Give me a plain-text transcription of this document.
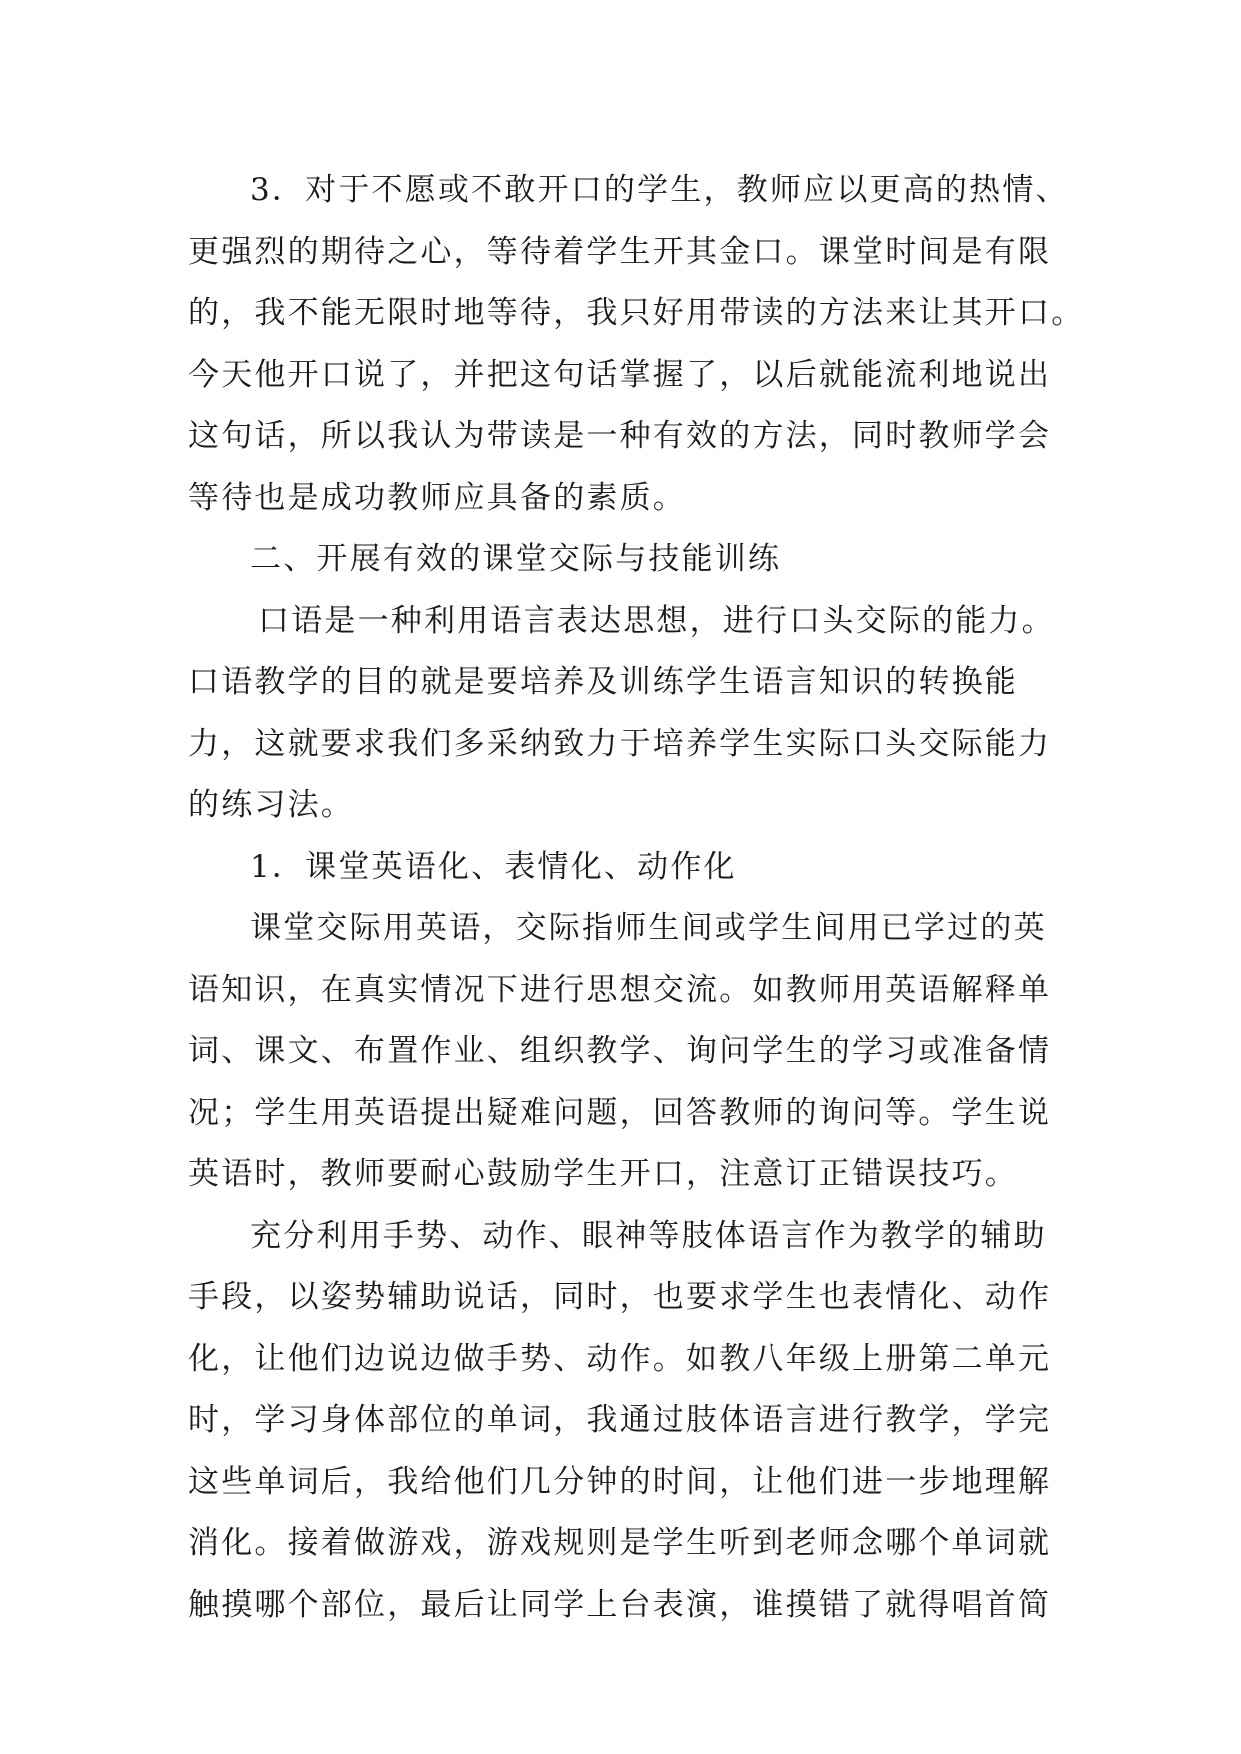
3．对于不愿或不敢开口的学生，教师应以更高的热情、
更强烈的期待之心，等待着学生开其金口。课堂时间是有限
的，我不能无限时地等待，我只好用带读的方法来让其开口。
今天他开口说了，并把这句话掌握了，以后就能流利地说出
这句话，所以我认为带读是一种有效的方法，同时教师学会
等待也是成功教师应具备的素质。
二、开展有效的课堂交际与技能训练
口语是一种利用语言表达思想，进行口头交际的能力。
口语教学的目的就是要培养及训练学生语言知识的转换能
力，这就要求我们多采纳致力于培养学生实际口头交际能力
的练习法。
1．课堂英语化、表情化、动作化
课堂交际用英语，交际指师生间或学生间用已学过的英
语知识，在真实情况下进行思想交流。如教师用英语解释单
词、课文、布置作业、组织教学、询问学生的学习或准备情
况；学生用英语提出疑难问题，回答教师的询问等。学生说
英语时，教师要耐心鼓励学生开口，注意订正错误技巧。
充分利用手势、动作、眼神等肢体语言作为教学的辅助
手段，以姿势辅助说话，同时，也要求学生也表情化、动作
化，让他们边说边做手势、动作。如教八年级上册第二单元
时，学习身体部位的单词，我通过肢体语言进行教学，学完
这些单词后，我给他们几分钟的时间，让他们进一步地理解
消化。接着做游戏，游戏规则是学生听到老师念哪个单词就
触摸哪个部位，最后让同学上台表演，谁摸错了就得唱首简
